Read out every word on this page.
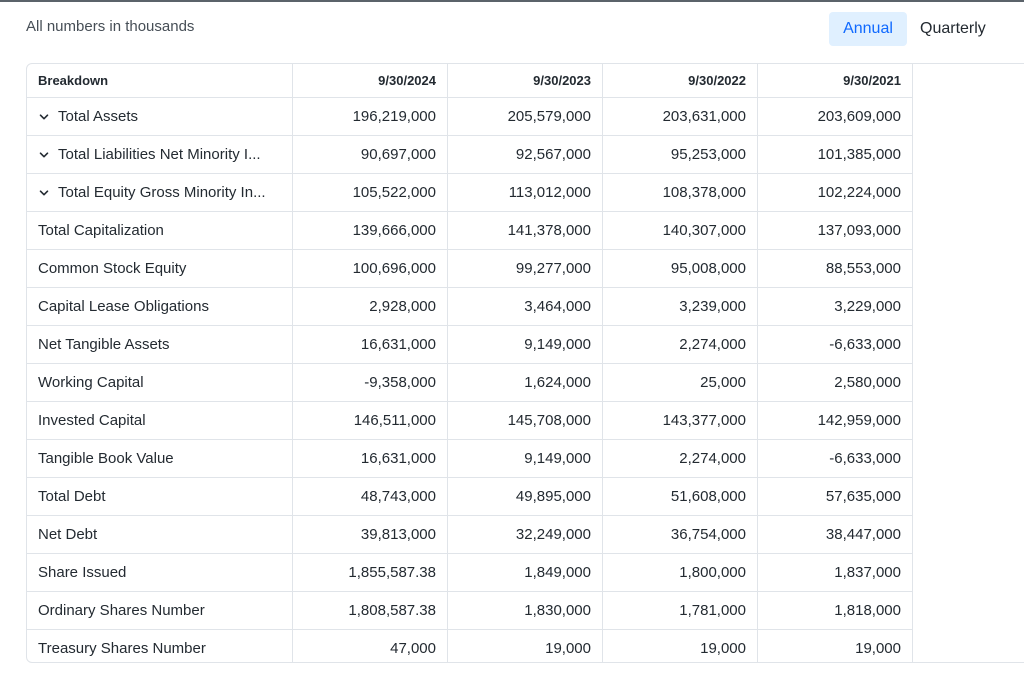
All numbers in thousands	Annual	Quarterly
Breakdown	9/30/2024	9/30/2023	9/30/2022	9/30/2021
Total Assets	196,219,000	205,579,000	203,631,000	203,609,000
Total Liabilities Net Minority I...	90,697,000	92,567,000	95,253,000	101,385,000
Total Equity Gross Minority In...	105,522,000	113,012,000	108,378,000	102,224,000
Total Capitalization	139,666,000	141,378,000	140,307,000	137,093,000
Common Stock Equity	100,696,000	99,277,000	95,008,000	88,553,000
Capital Lease Obligations	2,928,000	3,464,000	3,239,000	3,229,000
Net Tangible Assets	16,631,000	9,149,000	2,274,000	-6,633,000
Working Capital	-9,358,000	1,624,000	25,000	2,580,000
Invested Capital	146,511,000	145,708,000	143,377,000	142,959,000
Tangible Book Value	16,631,000	9,149,000	2,274,000	-6,633,000
Total Debt	48,743,000	49,895,000	51,608,000	57,635,000
Net Debt	39,813,000	32,249,000	36,754,000	38,447,000
Share Issued	1,855,587.38	1,849,000	1,800,000	1,837,000
Ordinary Shares Number	1,808,587.38	1,830,000	1,781,000	1,818,000
Treasury Shares Number	47,000	19,000	19,000	19,000
